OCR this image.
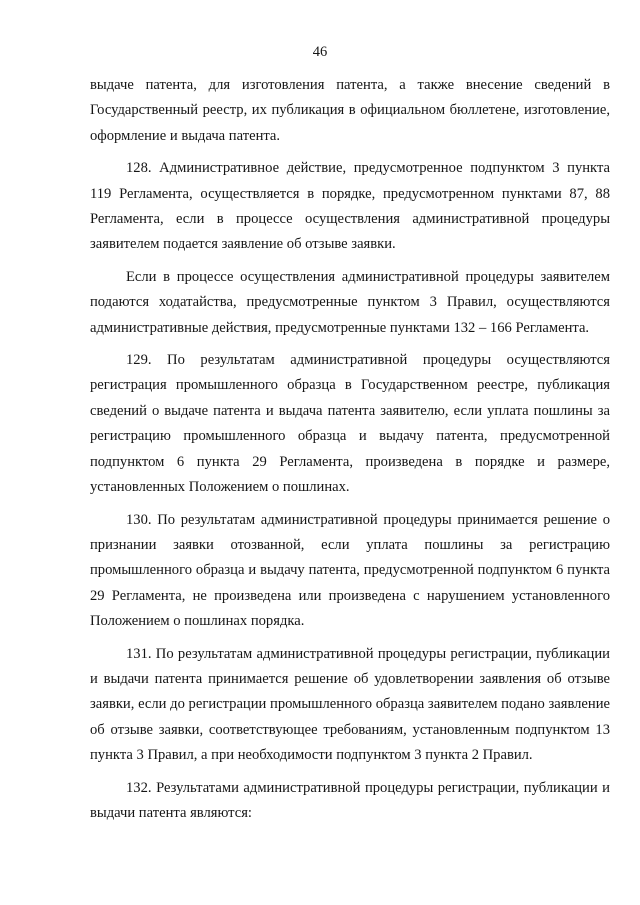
46

выдаче патента, для изготовления патента, а также внесение сведений в Государственный реестр, их публикация в официальном бюллетене, изготовление, оформление и выдача патента.

128. Административное действие, предусмотренное подпунктом 3 пункта 119 Регламента, осуществляется в порядке, предусмотренном пунктами 87, 88 Регламента, если в процессе осуществления административной процедуры заявителем подается заявление об отзыве заявки.

Если в процессе осуществления административной процедуры заявителем подаются ходатайства, предусмотренные пунктом 3 Правил, осуществляются административные действия, предусмотренные пунктами 132 – 166 Регламента.

129. По результатам административной процедуры осуществляются регистрация промышленного образца в Государственном реестре, публикация сведений о выдаче патента и выдача патента заявителю, если уплата пошлины за регистрацию промышленного образца и выдачу патента, предусмотренной подпунктом 6 пункта 29 Регламента, произведена в порядке и размере, установленных Положением о пошлинах.

130. По результатам административной процедуры принимается решение о признании заявки отозванной, если уплата пошлины за регистрацию промышленного образца и выдачу патента, предусмотренной подпунктом 6 пункта 29 Регламента, не произведена или произведена с нарушением установленного Положением о пошлинах порядка.

131. По результатам административной процедуры регистрации, публикации и выдачи патента принимается решение об удовлетворении заявления об отзыве заявки, если до регистрации промышленного образца заявителем подано заявление об отзыве заявки, соответствующее требованиям, установленным подпунктом 13 пункта 3 Правил, а при необходимости подпунктом 3 пункта 2 Правил.

132. Результатами административной процедуры регистрации, публикации и выдачи патента являются:
